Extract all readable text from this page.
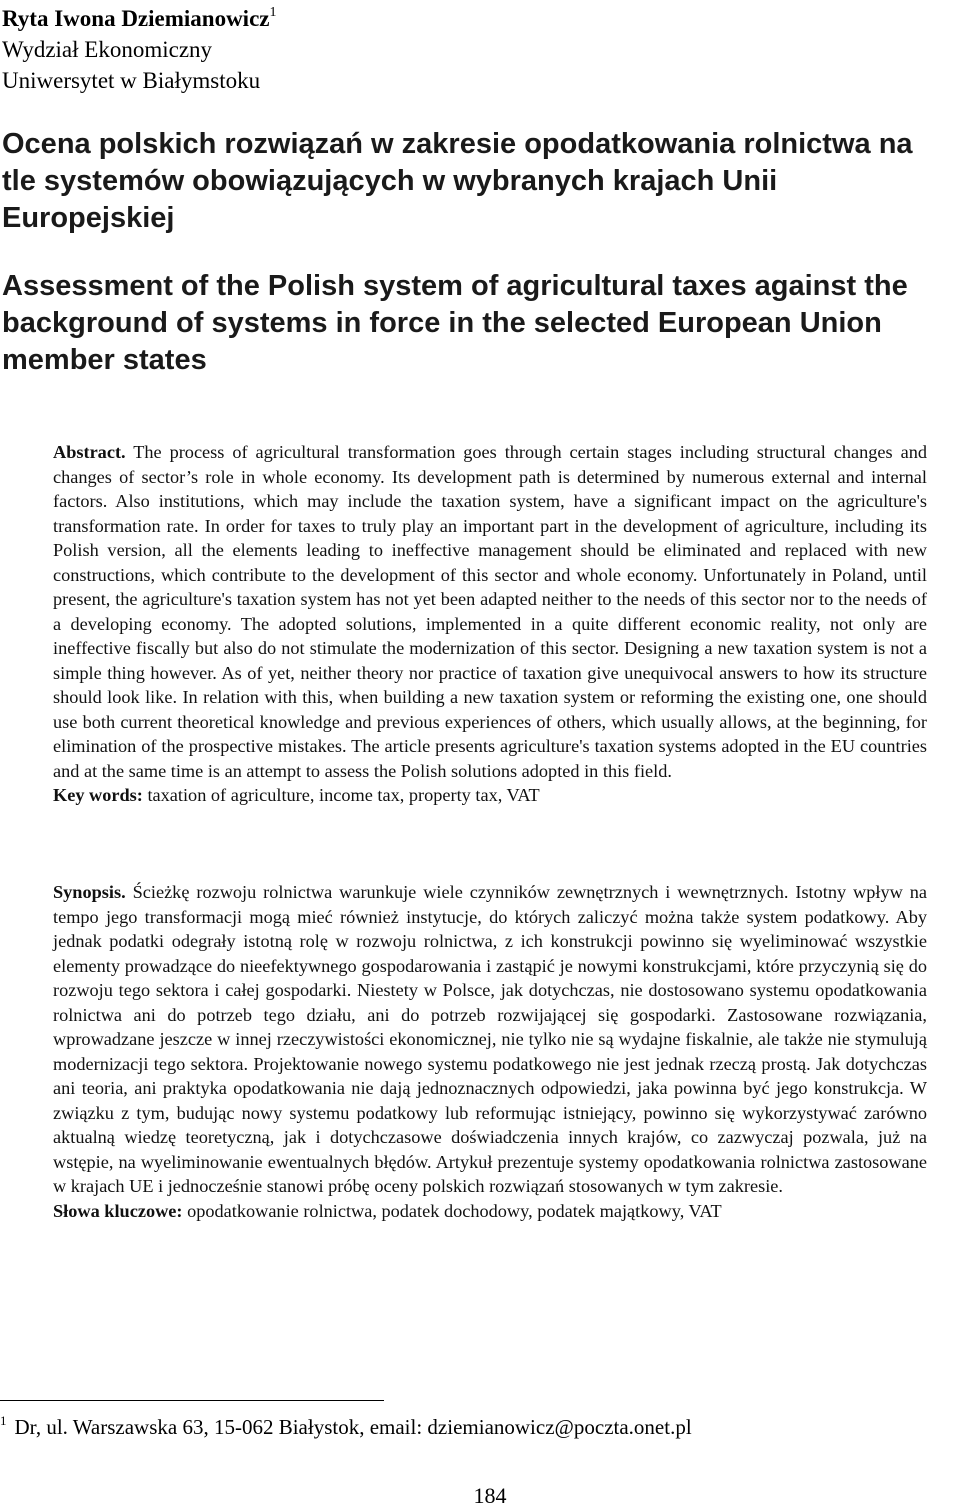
Ryta Iwona Dziemianowicz$^1$
Wydział Ekonomiczny
Uniwersytet w Białymstoku
Ocena polskich rozwiązań w zakresie opodatkowania rolnictwa na tle systemów obowiązujących w wybranych krajach Unii Europejskiej
Assessment of the Polish system of agricultural taxes against the background of systems in force in the selected European Union member states

Abstract. The process of agricultural transformation goes through certain stages including structural changes and changes of sector’s role in whole economy. Its development path is determined by numerous external and internal factors. Also institutions, which may include the taxation system, have a significant impact on the agriculture's transformation rate. In order for taxes to truly play an important part in the development of agriculture, including its Polish version, all the elements leading to ineffective management should be eliminated and replaced with new constructions, which contribute to the development of this sector and whole economy. Unfortunately in Poland, until present, the agriculture's taxation system has not yet been adapted neither to the needs of this sector nor to the needs of a developing economy. The adopted solutions, implemented in a quite different economic reality, not only are ineffective fiscally but also do not stimulate the modernization of this sector. Designing a new taxation system is not a simple thing however. As of yet, neither theory nor practice of taxation give unequivocal answers to how its structure should look like. In relation with this, when building a new taxation system or reforming the existing one, one should use both current theoretical knowledge and previous experiences of others, which usually allows, at the beginning, for elimination of the prospective mistakes. The article presents agriculture's taxation systems adopted in the EU countries and at the same time is an attempt to assess the Polish solutions adopted in this field.

Key words: taxation of agriculture, income tax, property tax, VAT

Synopsis. Ścieżkę rozwoju rolnictwa warunkuje wiele czynników zewnętrznych i wewnętrznych. Istotny wpływ na tempo jego transformacji mogą mieć również instytucje, do których zaliczyć można także system podatkowy. Aby jednak podatki odegrały istotną rolę w rozwoju rolnictwa, z ich konstrukcji powinno się wyeliminować wszystkie elementy prowadzące do nieefektywnego gospodarowania i zastąpić je nowymi konstrukcjami, które przyczynią się do rozwoju tego sektora i całej gospodarki. Niestety w Polsce, jak dotychczas, nie dostosowano systemu opodatkowania rolnictwa ani do potrzeb tego działu, ani do potrzeb rozwijającej się gospodarki. Zastosowane rozwiązania, wprowadzane jeszcze w innej rzeczywistości ekonomicznej, nie tylko nie są wydajne fiskalnie, ale także nie stymulują modernizacji tego sektora. Projektowanie nowego systemu podatkowego nie jest jednak rzeczą prostą. Jak dotychczas ani teoria, ani praktyka opodatkowania nie dają jednoznacznych odpowiedzi, jaka powinna być jego konstrukcja. W związku z tym, budując nowy systemu podatkowy lub reformując istniejący, powinno się wykorzystywać zarówno aktualną wiedzę teoretyczną, jak i dotychczasowe doświadczenia innych krajów, co zazwyczaj pozwala, już na wstępie, na wyeliminowanie ewentualnych błędów. Artykuł prezentuje systemy opodatkowania rolnictwa zastosowane w krajach UE i jednocześnie stanowi próbę oceny polskich rozwiązań stosowanych w tym zakresie.

Słowa kluczowe: opodatkowanie rolnictwa, podatek dochodowy, podatek majątkowy, VAT

$^1$ Dr, ul. Warszawska 63, 15-062 Białystok, email: dziemianowicz@poczta.onet.pl
184
